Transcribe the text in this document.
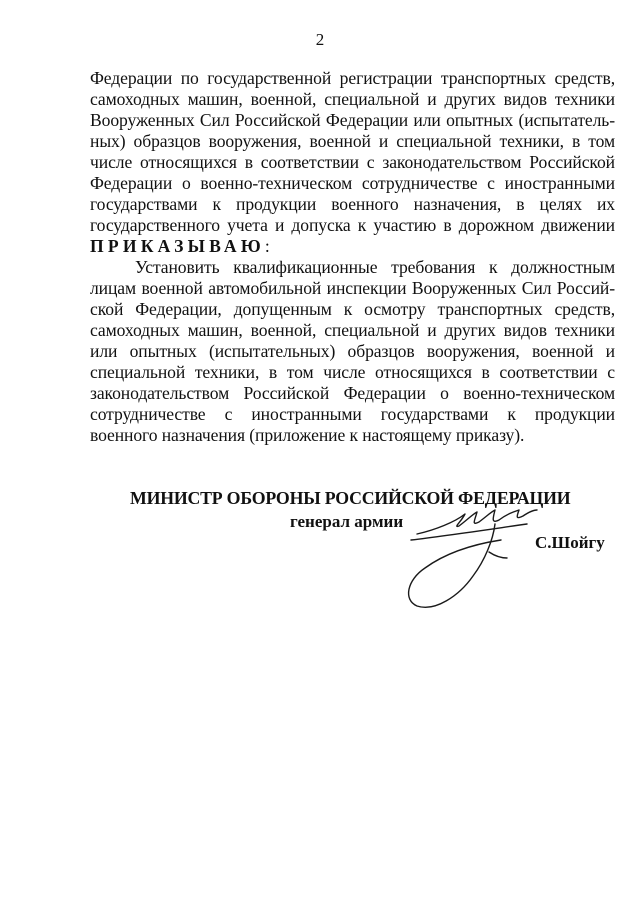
2
Федерации по государственной регистрации транспортных средств,
самоходных машин, военной, специальной и других видов техники
Вооруженных Сил Российской Федерации или опытных (испытатель-
ных) образцов вооружения, военной и специальной техники, в том
числе относящихся в соответствии с законодательством Российской
Федерации о военно-техническом сотрудничестве с иностранными
государствами к продукции военного назначения, в целях их
государственного учета и допуска к участию в дорожном движении
ПРИКАЗЫВАЮ:
Установить квалификационные требования к должностным
лицам военной автомобильной инспекции Вооруженных Сил Россий-
ской Федерации, допущенным к осмотру транспортных средств,
самоходных машин, военной, специальной и других видов техники
или опытных (испытательных) образцов вооружения, военной и
специальной техники, в том числе относящихся в соответствии с
законодательством Российской Федерации о военно-техническом
сотрудничестве с иностранными государствами к продукции
военного назначения (приложение к настоящему приказу).
МИНИСТР ОБОРОНЫ РОССИЙСКОЙ ФЕДЕРАЦИИ
генерал армии
С.Шойгу
